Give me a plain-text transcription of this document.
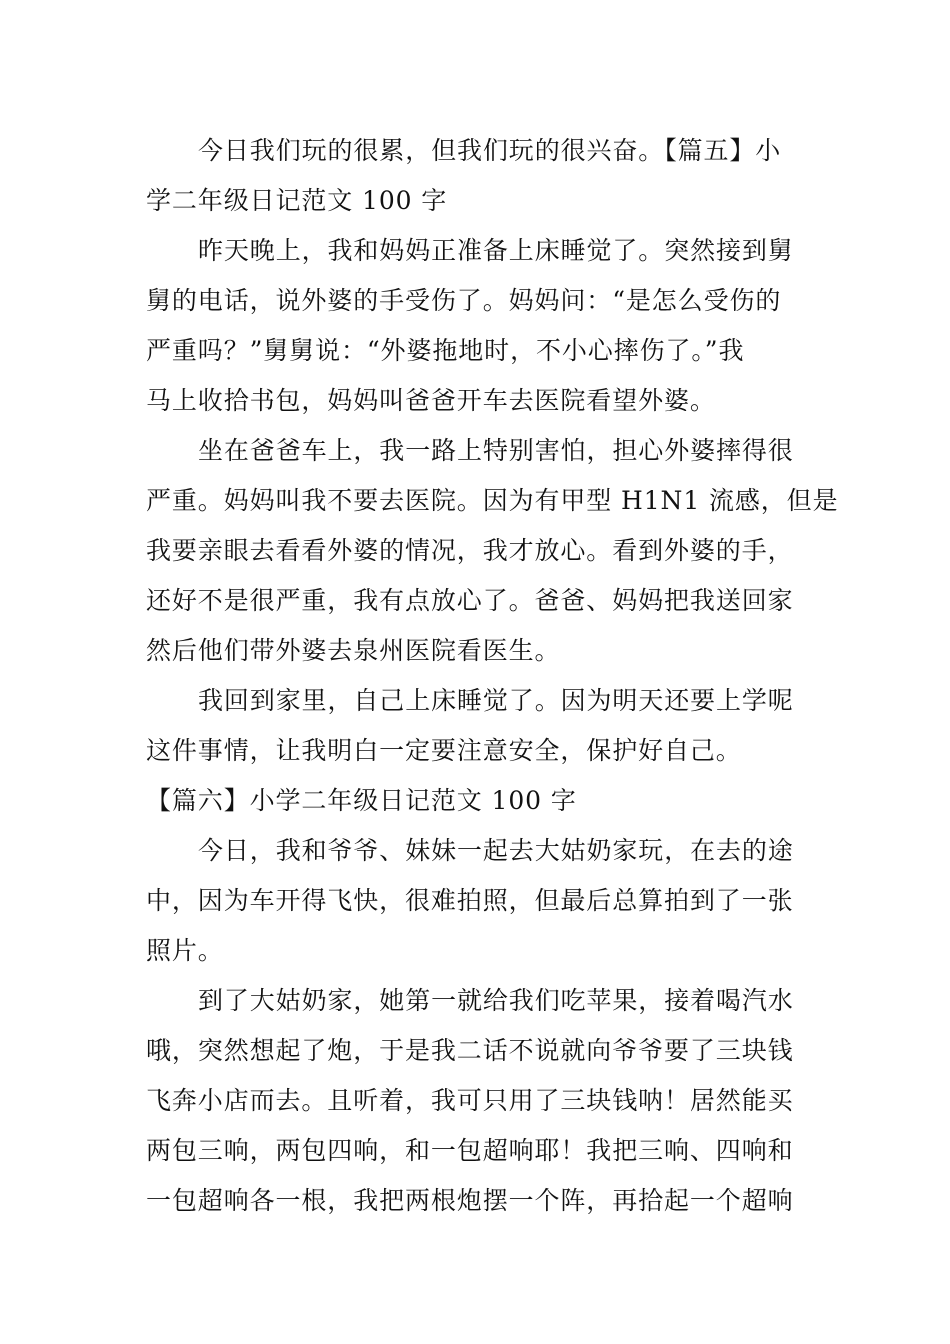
今日我们玩的很累，但我们玩的很兴奋。【篇五】小
学二年级日记范文 100 字
昨天晚上，我和妈妈正准备上床睡觉了。突然接到舅
舅的电话，说外婆的手受伤了。妈妈问：“是怎么受伤的
严重吗？”舅舅说：“外婆拖地时，不小心摔伤了。”我
马上收拾书包，妈妈叫爸爸开车去医院看望外婆。
坐在爸爸车上，我一路上特别害怕，担心外婆摔得很
严重。妈妈叫我不要去医院。因为有甲型 H1N1 流感，但是
我要亲眼去看看外婆的情况，我才放心。看到外婆的手，
还好不是很严重，我有点放心了。爸爸、妈妈把我送回家
然后他们带外婆去泉州医院看医生。
我回到家里，自己上床睡觉了。因为明天还要上学呢
这件事情，让我明白一定要注意安全，保护好自己。
【篇六】小学二年级日记范文 100 字
今日，我和爷爷、妹妹一起去大姑奶家玩，在去的途
中，因为车开得飞快，很难拍照，但最后总算拍到了一张
照片。
到了大姑奶家，她第一就给我们吃苹果，接着喝汽水
哦，突然想起了炮，于是我二话不说就向爷爷要了三块钱
飞奔小店而去。且听着，我可只用了三块钱呐！居然能买
两包三响，两包四响，和一包超响耶！我把三响、四响和
一包超响各一根，我把两根炮摆一个阵，再拾起一个超响
